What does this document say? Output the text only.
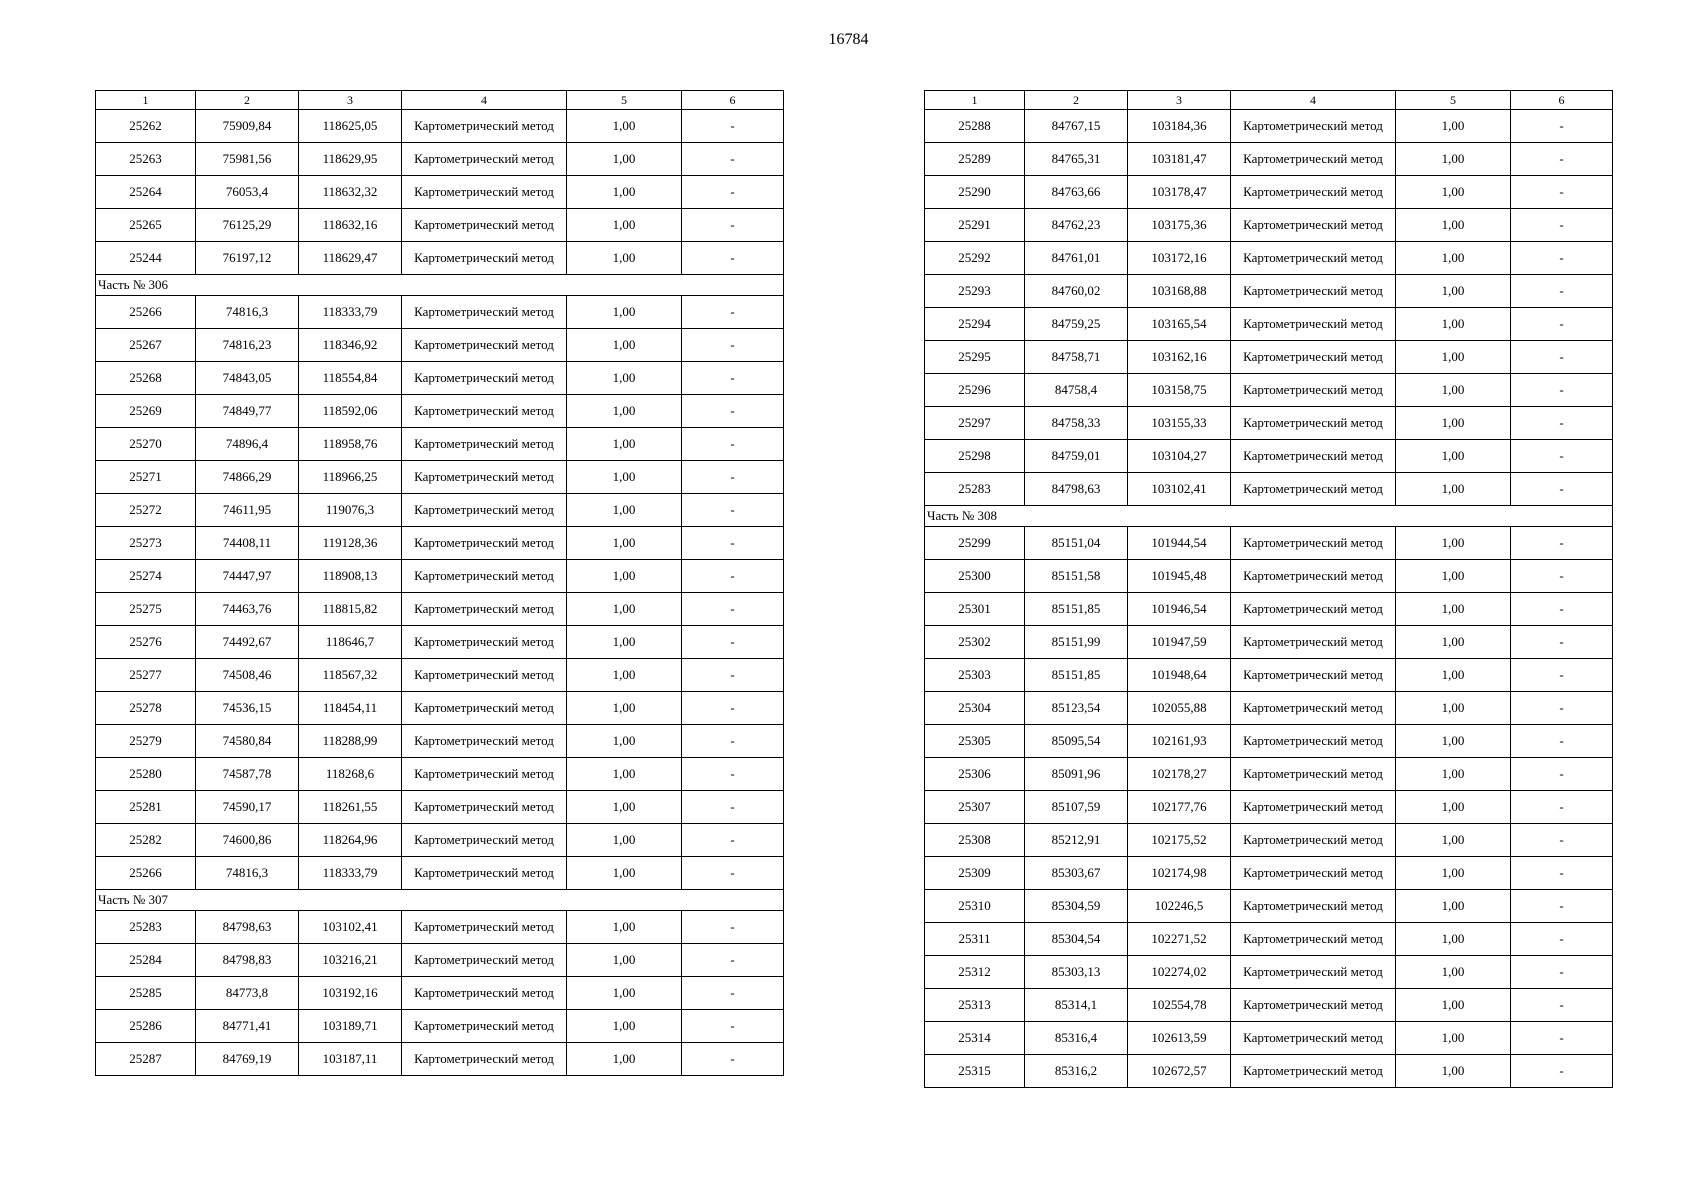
16784
1	2	3	4	5	6
25262	75909,84	118625,05	Картометрический метод	1,00	-
25263	75981,56	118629,95	Картометрический метод	1,00	-
25264	76053,4	118632,32	Картометрический метод	1,00	-
25265	76125,29	118632,16	Картометрический метод	1,00	-
25244	76197,12	118629,47	Картометрический метод	1,00	-
Часть № 306					
25266	74816,3	118333,79	Картометрический метод	1,00	-
25267	74816,23	118346,92	Картометрический метод	1,00	-
25268	74843,05	118554,84	Картометрический метод	1,00	-
25269	74849,77	118592,06	Картометрический метод	1,00	-
25270	74896,4	118958,76	Картометрический метод	1,00	-
25271	74866,29	118966,25	Картометрический метод	1,00	-
25272	74611,95	119076,3	Картометрический метод	1,00	-
25273	74408,11	119128,36	Картометрический метод	1,00	-
25274	74447,97	118908,13	Картометрический метод	1,00	-
25275	74463,76	118815,82	Картометрический метод	1,00	-
25276	74492,67	118646,7	Картометрический метод	1,00	-
25277	74508,46	118567,32	Картометрический метод	1,00	-
25278	74536,15	118454,11	Картометрический метод	1,00	-
25279	74580,84	118288,99	Картометрический метод	1,00	-
25280	74587,78	118268,6	Картометрический метод	1,00	-
25281	74590,17	118261,55	Картометрический метод	1,00	-
25282	74600,86	118264,96	Картометрический метод	1,00	-
25266	74816,3	118333,79	Картометрический метод	1,00	-
Часть № 307					
25283	84798,63	103102,41	Картометрический метод	1,00	-
25284	84798,83	103216,21	Картометрический метод	1,00	-
25285	84773,8	103192,16	Картометрический метод	1,00	-
25286	84771,41	103189,71	Картометрический метод	1,00	-
25287	84769,19	103187,11	Картометрический метод	1,00	-
1	2	3	4	5	6
25288	84767,15	103184,36	Картометрический метод	1,00	-
25289	84765,31	103181,47	Картометрический метод	1,00	-
25290	84763,66	103178,47	Картометрический метод	1,00	-
25291	84762,23	103175,36	Картометрический метод	1,00	-
25292	84761,01	103172,16	Картометрический метод	1,00	-
25293	84760,02	103168,88	Картометрический метод	1,00	-
25294	84759,25	103165,54	Картометрический метод	1,00	-
25295	84758,71	103162,16	Картометрический метод	1,00	-
25296	84758,4	103158,75	Картометрический метод	1,00	-
25297	84758,33	103155,33	Картометрический метод	1,00	-
25298	84759,01	103104,27	Картометрический метод	1,00	-
25283	84798,63	103102,41	Картометрический метод	1,00	-
Часть № 308					
25299	85151,04	101944,54	Картометрический метод	1,00	-
25300	85151,58	101945,48	Картометрический метод	1,00	-
25301	85151,85	101946,54	Картометрический метод	1,00	-
25302	85151,99	101947,59	Картометрический метод	1,00	-
25303	85151,85	101948,64	Картометрический метод	1,00	-
25304	85123,54	102055,88	Картометрический метод	1,00	-
25305	85095,54	102161,93	Картометрический метод	1,00	-
25306	85091,96	102178,27	Картометрический метод	1,00	-
25307	85107,59	102177,76	Картометрический метод	1,00	-
25308	85212,91	102175,52	Картометрический метод	1,00	-
25309	85303,67	102174,98	Картометрический метод	1,00	-
25310	85304,59	102246,5	Картометрический метод	1,00	-
25311	85304,54	102271,52	Картометрический метод	1,00	-
25312	85303,13	102274,02	Картометрический метод	1,00	-
25313	85314,1	102554,78	Картометрический метод	1,00	-
25314	85316,4	102613,59	Картометрический метод	1,00	-
25315	85316,2	102672,57	Картометрический метод	1,00	-
